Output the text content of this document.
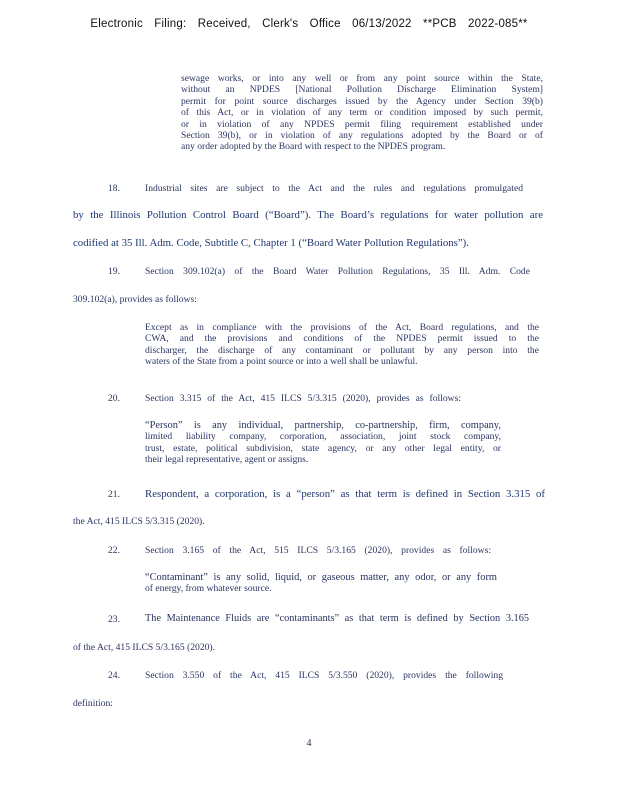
Electronic Filing: Received, Clerk's Office 06/13/2022 **PCB 2022-085**
sewage works, or into any well or from any point source within the State,
without an NPDES [National Pollution Discharge Elimination System]
permit for point source discharges issued by the Agency under Section 39(b)
of this Act, or in violation of any term or condition imposed by such permit,
or in violation of any NPDES permit filing requirement established under
Section 39(b), or in violation of any regulations adopted by the Board or of
any order adopted by the Board with respect to the NPDES program.
18.	Industrial sites are subject to the Act and the rules and regulations promulgated
by the Illinois Pollution Control Board (“Board”). The Board’s regulations for water pollution are
codified at 35 Ill. Adm. Code, Subtitle C, Chapter 1 (“Board Water Pollution Regulations”).
19.	Section 309.102(a) of the Board Water Pollution Regulations, 35 Ill. Adm. Code
309.102(a), provides as follows:
Except as in compliance with the provisions of the Act, Board regulations, and the
CWA, and the provisions and conditions of the NPDES permit issued to the
discharger, the discharge of any contaminant or pollutant by any person into the
waters of the State from a point source or into a well shall be unlawful.
20.	Section 3.315 of the Act, 415 ILCS 5/3.315 (2020), provides as follows:
“Person” is any individual, partnership, co-partnership, firm, company,
limited liability company, corporation, association, joint stock company,
trust, estate, political subdivision, state agency, or any other legal entity, or
their legal representative, agent or assigns.
21. Respondent, a corporation, is a “person” as that term is defined in Section 3.315 of
the Act, 415 ILCS 5/3.315 (2020).
22.	Section 3.165 of the Act, 515 ILCS 5/3.165 (2020), provides as follows:
“Contaminant” is any solid, liquid, or gaseous matter, any odor, or any form
of energy, from whatever source.
23. The Maintenance Fluids are “contaminants” as that term is defined by Section 3.165
of the Act, 415 ILCS 5/3.165 (2020).
24.	Section 3.550 of the Act, 415 ILCS 5/3.550 (2020), provides the following
definition:
4
